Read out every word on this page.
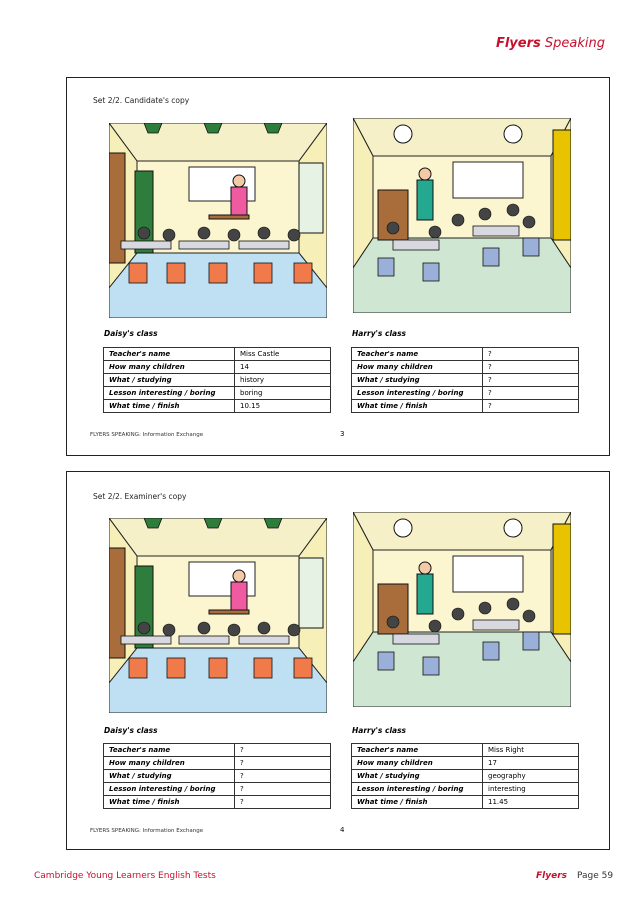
Flyers Speaking
Set 2/2. Candidate's copy
Daisy's class	Harry's class
Teacher's name	Miss Castle
How many children	14
What / studying	history
Lesson interesting / boring	boring
What time / finish	10.15
Teacher's name	?
How many children	?
What / studying	?
Lesson interesting / boring	?
What time / finish	?
FLYERS SPEAKING: Information Exchange	3
Set 2/2. Examiner's copy
Daisy's class	Harry's class
Teacher's name	?
How many children	?
What / studying	?
Lesson interesting / boring	?
What time / finish	?
Teacher's name	Miss Right
How many children	17
What / studying	geography
Lesson interesting / boring	interesting
What time / finish	11.45
FLYERS SPEAKING: Information Exchange	4
Cambridge Young Learners English Tests	Flyers Page 59
